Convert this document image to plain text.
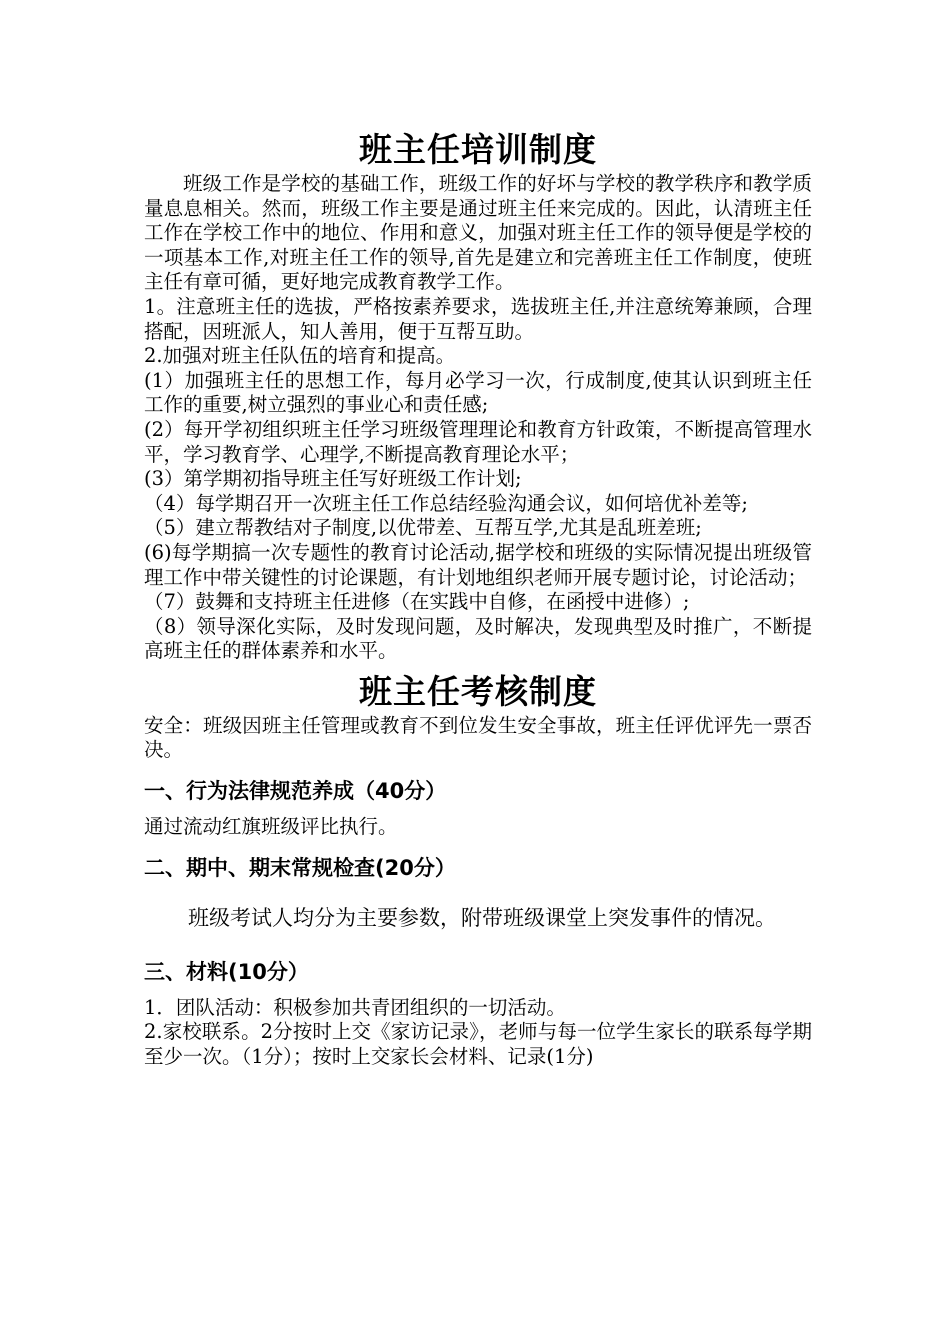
班主任培训制度

班级工作是学校的基础工作，班级工作的好坏与学校的教学秩序和教学质量息息相关。然而，班级工作主要是通过班主任来完成的。因此，认清班主任工作在学校工作中的地位、作用和意义，加强对班主任工作的领导便是学校的一项基本工作,对班主任工作的领导,首先是建立和完善班主任工作制度，使班主任有章可循，更好地完成教育教学工作。

1。注意班主任的选拔，严格按素养要求，选拔班主任,并注意统筹兼顾，合理搭配，因班派人，知人善用，便于互帮互助。

2.加强对班主任队伍的培育和提高。

(1）加强班主任的思想工作，每月必学习一次，行成制度,使其认识到班主任工作的重要,树立强烈的事业心和责任感;

(2）每开学初组织班主任学习班级管理理论和教育方针政策，不断提高管理水平，学习教育学、心理学,不断提高教育理论水平；

(3）第学期初指导班主任写好班级工作计划;

（4）每学期召开一次班主任工作总结经验沟通会议，如何培优补差等;

（5）建立帮教结对子制度,以优带差、互帮互学,尤其是乱班差班;

(6)每学期搞一次专题性的教育讨论活动,据学校和班级的实际情况提出班级管理工作中带关键性的讨论课题，有计划地组织老师开展专题讨论，讨论活动；

（7）鼓舞和支持班主任进修（在实践中自修，在函授中进修）;

（8）领导深化实际，及时发现问题，及时解决，发现典型及时推广，不断提高班主任的群体素养和水平。

班主任考核制度

安全：班级因班主任管理或教育不到位发生安全事故，班主任评优评先一票否决。

一、行为法律规范养成（40分）

通过流动红旗班级评比执行。

二、期中、期末常规检查(20分）

班级考试人均分为主要参数，附带班级课堂上突发事件的情况。

三、材料(10分）

1．团队活动：积极参加共青团组织的一切活动。

2.家校联系。2分按时上交《家访记录》，老师与每一位学生家长的联系每学期至少一次。（1分）；按时上交家长会材料、记录(1分)
